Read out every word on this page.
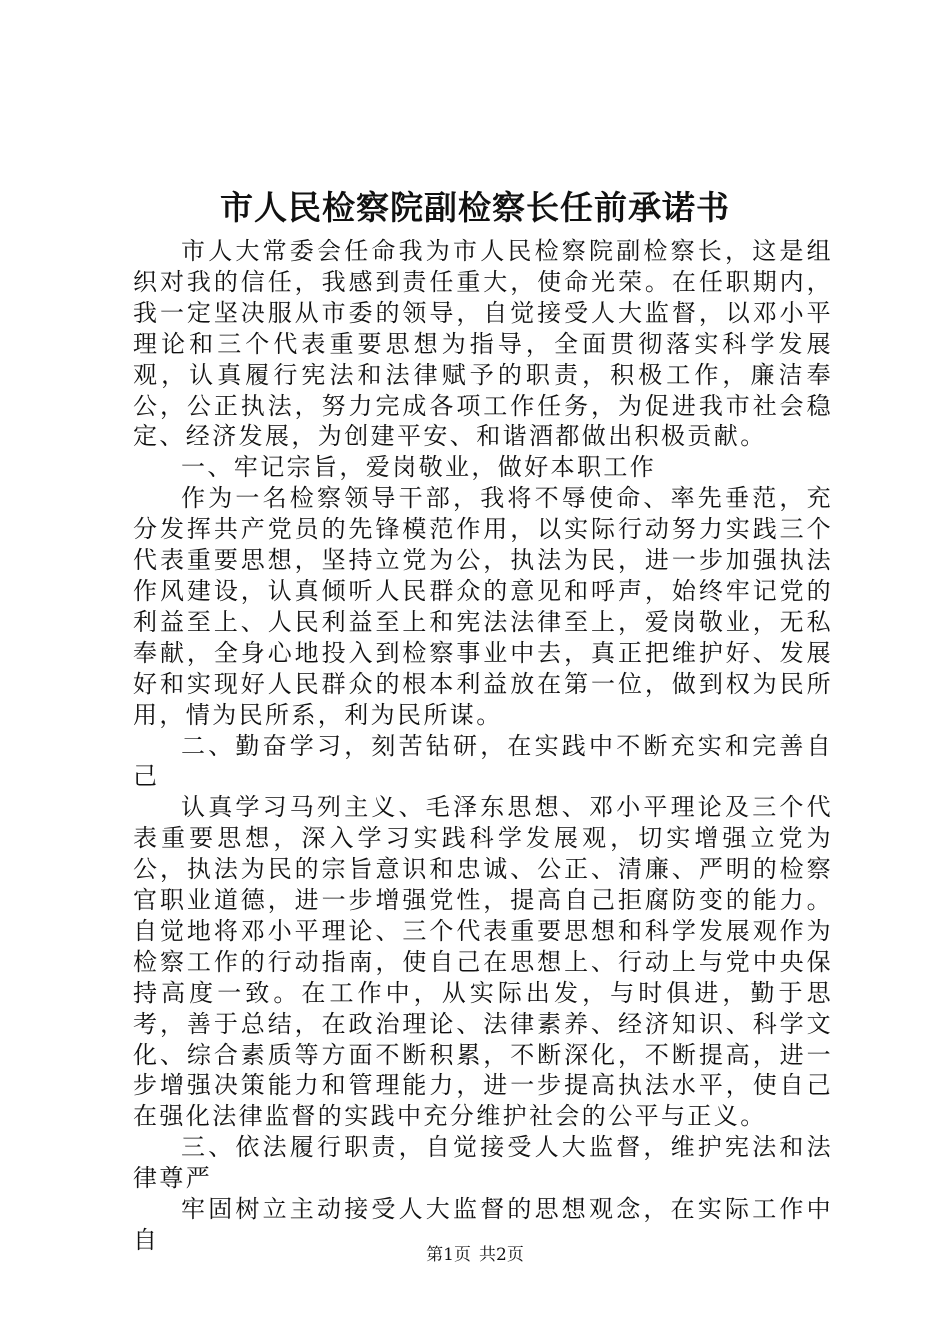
市人民检察院副检察长任前承诺书

市人大常委会任命我为市人民检察院副检察长，这是组织对我的信任，我感到责任重大，使命光荣。在任职期内，我一定坚决服从市委的领导，自觉接受人大监督，以邓小平理论和三个代表重要思想为指导，全面贯彻落实科学发展观，认真履行宪法和法律赋予的职责，积极工作，廉洁奉公，公正执法，努力完成各项工作任务，为促进我市社会稳定、经济发展，为创建平安、和谐酒都做出积极贡献。

一、牢记宗旨，爱岗敬业，做好本职工作

作为一名检察领导干部，我将不辱使命、率先垂范，充分发挥共产党员的先锋模范作用，以实际行动努力实践三个代表重要思想，坚持立党为公，执法为民，进一步加强执法作风建设，认真倾听人民群众的意见和呼声，始终牢记党的利益至上、人民利益至上和宪法法律至上，爱岗敬业，无私奉献，全身心地投入到检察事业中去，真正把维护好、发展好和实现好人民群众的根本利益放在第一位，做到权为民所用，情为民所系，利为民所谋。

二、勤奋学习，刻苦钻研，在实践中不断充实和完善自己

认真学习马列主义、毛泽东思想、邓小平理论及三个代表重要思想，深入学习实践科学发展观，切实增强立党为公，执法为民的宗旨意识和忠诚、公正、清廉、严明的检察官职业道德，进一步增强党性，提高自己拒腐防变的能力。自觉地将邓小平理论、三个代表重要思想和科学发展观作为检察工作的行动指南，使自己在思想上、行动上与党中央保持高度一致。在工作中，从实际出发，与时俱进，勤于思考，善于总结，在政治理论、法律素养、经济知识、科学文化、综合素质等方面不断积累，不断深化，不断提高，进一步增强决策能力和管理能力，进一步提高执法水平，使自己在强化法律监督的实践中充分维护社会的公平与正义。

三、依法履行职责，自觉接受人大监督，维护宪法和法律尊严

牢固树立主动接受人大监督的思想观念，在实际工作中自

第1页 共2页
